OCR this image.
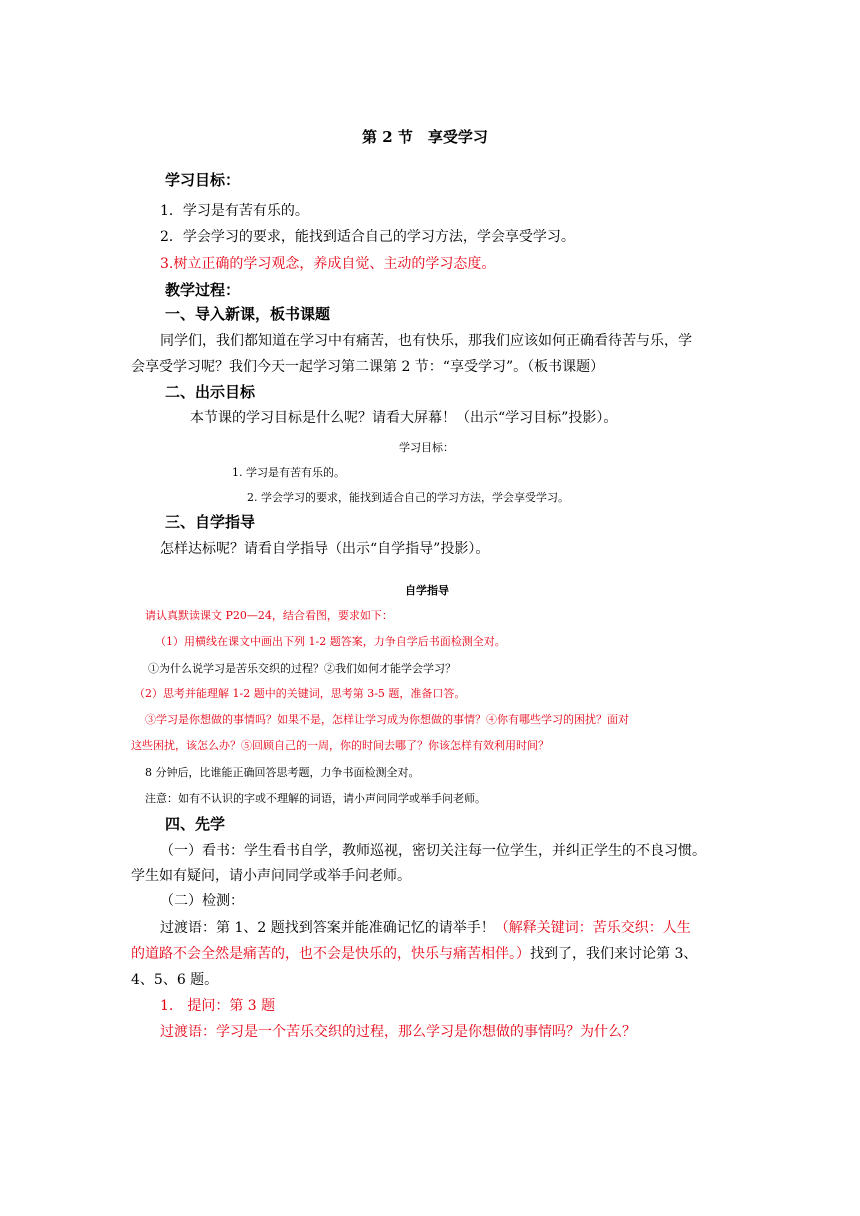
第 2 节　享受学习
学习目标：
1．学习是有苦有乐的。
2．学会学习的要求，能找到适合自己的学习方法，学会享受学习。
3.树立正确的学习观念，养成自觉、主动的学习态度。
教学过程：
一、导入新课，板书课题
同学们，我们都知道在学习中有痛苦，也有快乐，那我们应该如何正确看待苦与乐，学
会享受学习呢？我们今天一起学习第二课第 2 节：“享受学习”。（板书课题）
二、出示目标
本节课的学习目标是什么呢？请看大屏幕！（出示“学习目标”投影）。
学习目标：
1. 学习是有苦有乐的。
2. 学会学习的要求，能找到适合自己的学习方法，学会享受学习。
三、自学指导
怎样达标呢？请看自学指导（出示“自学指导”投影）。
自学指导
请认真默读课文 P20—24，结合看图，要求如下：
（1）用横线在课文中画出下列 1-2 题答案，力争自学后书面检测全对。
①为什么说学习是苦乐交织的过程？②我们如何才能学会学习？
（2）思考并能理解 1-2 题中的关键词，思考第 3-5 题，准备口答。
③学习是你想做的事情吗？如果不是，怎样让学习成为你想做的事情？④你有哪些学习的困扰？面对
这些困扰，该怎么办？⑤回顾自己的一周，你的时间去哪了？你该怎样有效利用时间？
8 分钟后，比谁能正确回答思考题，力争书面检测全对。
注意：如有不认识的字或不理解的词语，请小声问同学或举手问老师。
四、先学
（一）看书：学生看书自学，教师巡视，密切关注每一位学生，并纠正学生的不良习惯。
学生如有疑问，请小声问同学或举手问老师。
（二）检测：
过渡语：第 1、2 题找到答案并能准确记忆的请举手！（解释关键词：苦乐交织：人生
的道路不会全然是痛苦的，也不会是快乐的，快乐与痛苦相伴。）找到了，我们来讨论第 3、
4、5、6 题。
1.　提问：第 3 题
过渡语：学习是一个苦乐交织的过程，那么学习是你想做的事情吗？为什么？
